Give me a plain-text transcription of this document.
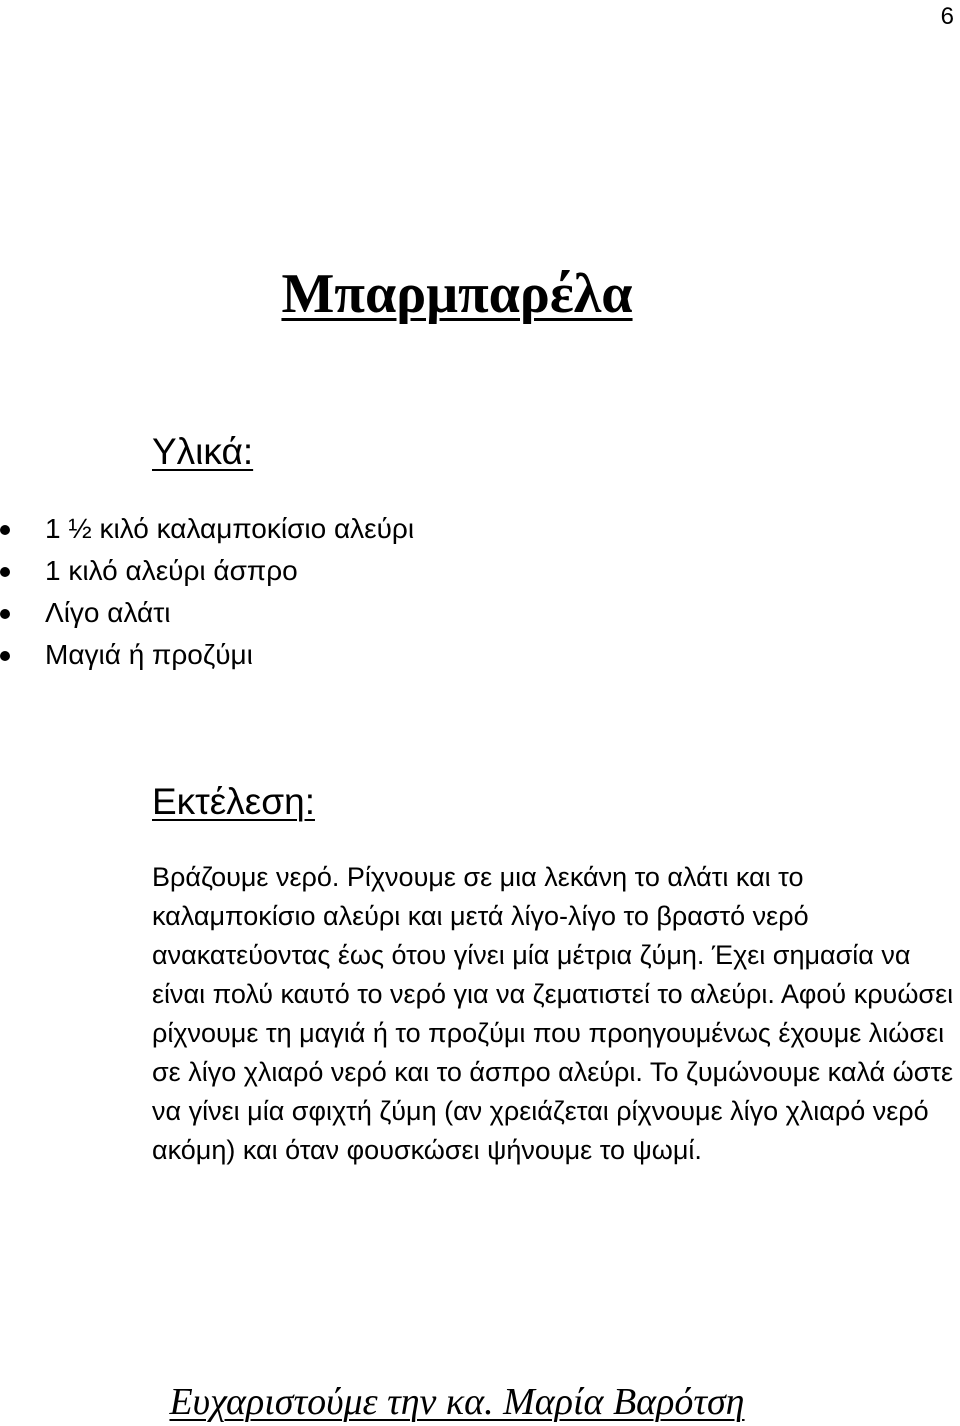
6
Μπαρμπαρέλα
Υλικά:
1 ½ κιλό καλαμποκίσιο αλεύρι
1 κιλό αλεύρι άσπρο
Λίγο αλάτι
Μαγιά ή προζύμι
Εκτέλεση:

Βράζουμε νερό. Ρίχνουμε σε μια λεκάνη το αλάτι και το καλαμποκίσιο αλεύρι και μετά λίγο-λίγο το βραστό νερό ανακατεύοντας έως ότου γίνει μία μέτρια ζύμη. Έχει σημασία να είναι πολύ καυτό το νερό για να ζεματιστεί το αλεύρι. Αφού κρυώσει ρίχνουμε τη μαγιά ή το προζύμι που προηγουμένως έχουμε λιώσει σε λίγο χλιαρό νερό και το άσπρο αλεύρι. Το ζυμώνουμε καλά ώστε να γίνει μία σφιχτή ζύμη (αν χρειάζεται ρίχνουμε λίγο χλιαρό νερό ακόμη) και όταν φουσκώσει ψήνουμε το ψωμί.

Ευχαριστούμε την κα. Μαρία Βαρότση
